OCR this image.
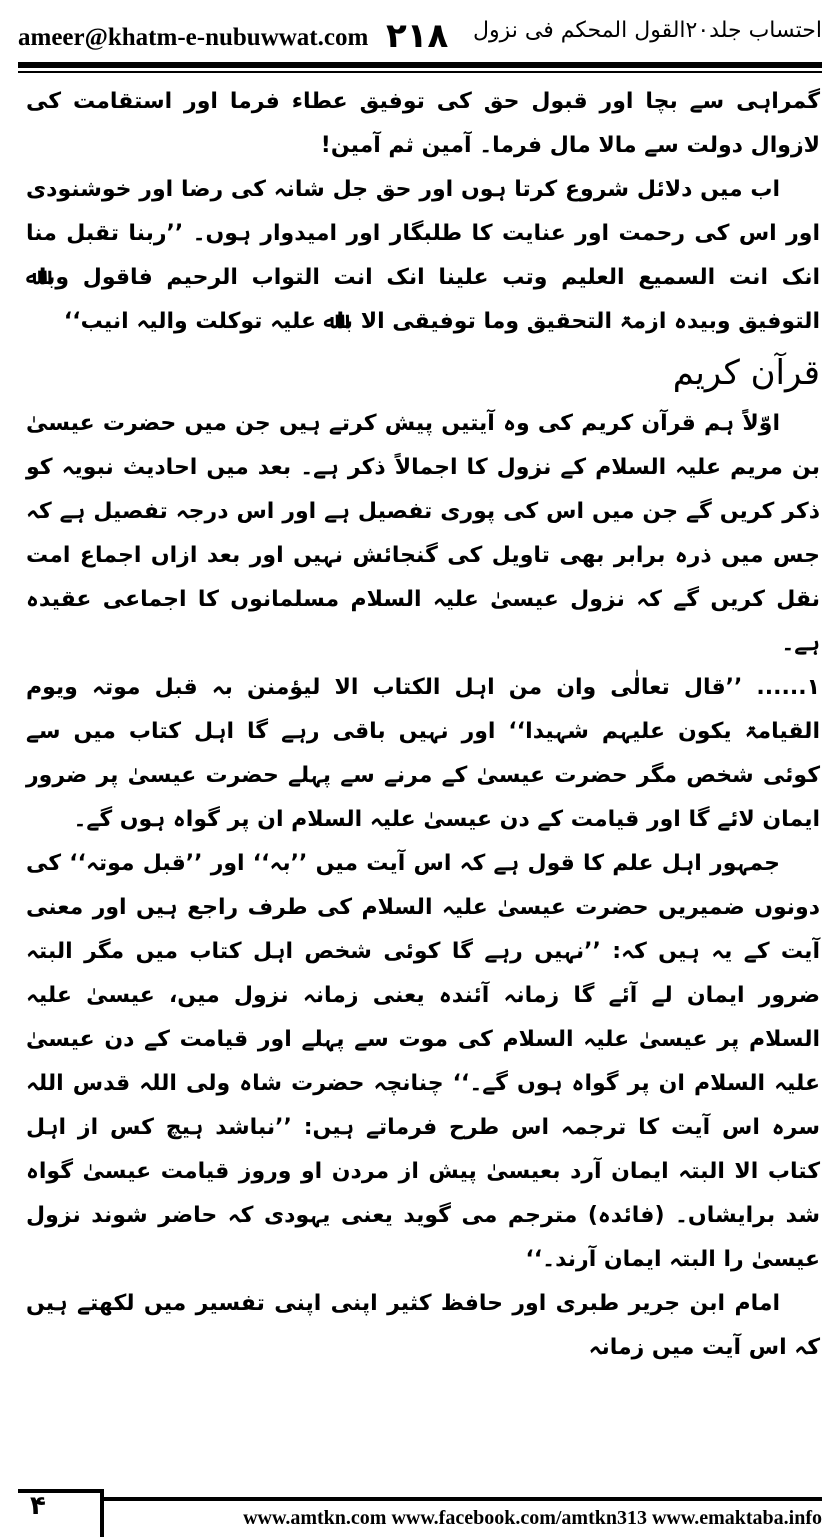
ameer@khatm-e-nubuwwat.com ۲۱۸ احتساب جلد۲۰القول المحکم فی نزول

گمراہی سے بچا اور قبول حق کی توفیق عطاء فرما اور استقامت کی لازوال دولت سے مالا مال فرما۔ آمین ثم آمین!

اب میں دلائل شروع کرتا ہوں اور حق جل شانہ کی رضا اور خوشنودی اور اس کی رحمت اور عنایت کا طلبگار اور امیدوار ہوں۔ ’’ربنا تقبل منا انک انت السمیع العلیم وتب علینا انک انت التواب الرحیم فاقول وباﷲ التوفیق وبیدہ ازمۃ التحقیق وما توفیقی الا باﷲ علیہ توکلت والیہ انیب‘‘

قرآن کریم

اوّلاً ہم قرآن کریم کی وہ آیتیں پیش کرتے ہیں جن میں حضرت عیسیٰ بن مریم علیہ السلام کے نزول کا اجمالاً ذکر ہے۔ بعد میں احادیث نبویہ کو ذکر کریں گے جن میں اس کی پوری تفصیل ہے اور اس درجہ تفصیل ہے کہ جس میں ذرہ برابر بھی تاویل کی گنجائش نہیں اور بعد ازاں اجماع امت نقل کریں گے کہ نزول عیسیٰ علیہ السلام مسلمانوں کا اجماعی عقیدہ ہے۔

۱...... ’’قال تعالٰی وان من اہل الکتاب الا لیؤمنن بہ قبل موتہ ویوم القیامۃ یکون علیہم شہیدا‘‘ اور نہیں باقی رہے گا اہل کتاب میں سے کوئی شخص مگر حضرت عیسیٰ کے مرنے سے پہلے حضرت عیسیٰ پر ضرور ایمان لائے گا اور قیامت کے دن عیسیٰ علیہ السلام ان پر گواہ ہوں گے۔

جمہور اہل علم کا قول ہے کہ اس آیت میں ’’بہ‘‘ اور ’’قبل موتہ‘‘ کی دونوں ضمیریں حضرت عیسیٰ علیہ السلام کی طرف راجع ہیں اور معنی آیت کے یہ ہیں کہ: ’’نہیں رہے گا کوئی شخص اہل کتاب میں مگر البتہ ضرور ایمان لے آئے گا زمانہ آئندہ یعنی زمانہ نزول میں، عیسیٰ علیہ السلام پر عیسیٰ علیہ السلام کی موت سے پہلے اور قیامت کے دن عیسیٰ علیہ السلام ان پر گواہ ہوں گے۔‘‘ چنانچہ حضرت شاہ ولی اللہ قدس اللہ سرہ اس آیت کا ترجمہ اس طرح فرماتے ہیں: ’’نباشد ہیچ کس از اہل کتاب الا البتہ ایمان آرد بعیسیٰ پیش از مردن او وروز قیامت عیسیٰ گواہ شد برایشاں۔ (فائدہ) مترجم می گوید یعنی یہودی کہ حاضر شوند نزول عیسیٰ را البتہ ایمان آرند۔‘‘

امام ابن جریر طبری اور حافظ کثیر اپنی اپنی تفسیر میں لکھتے ہیں کہ اس آیت میں زمانہ

۴	www.amtkn.com www.facebook.com/amtkn313 www.emaktaba.info
